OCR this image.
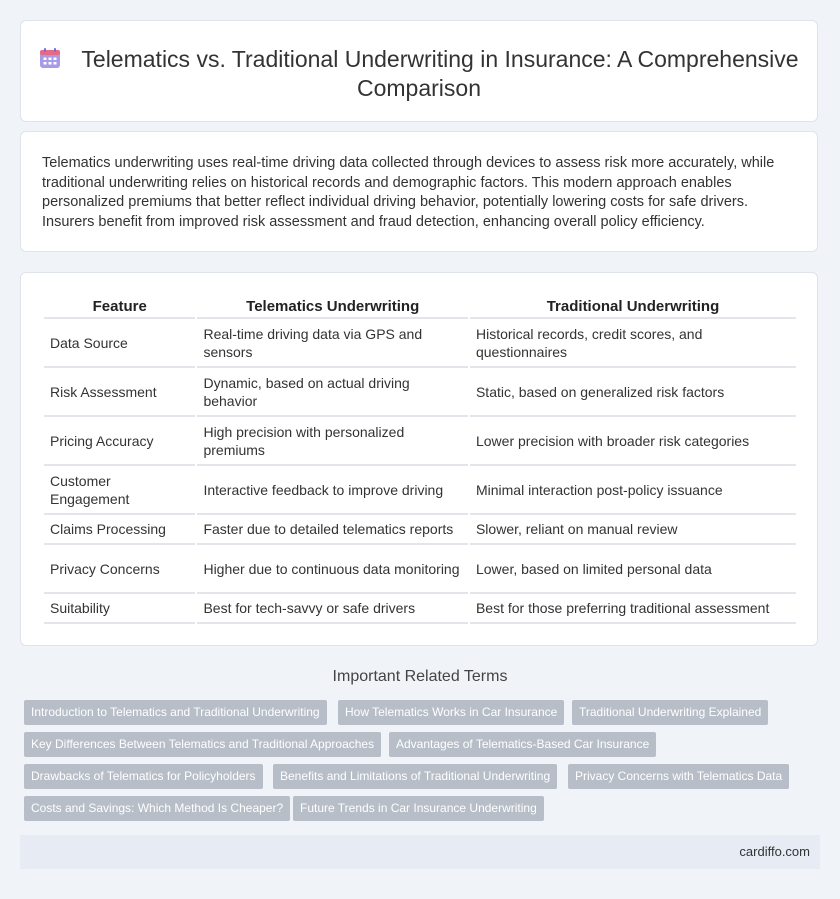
Telematics vs. Traditional Underwriting in Insurance: A Comprehensive Comparison

Telematics underwriting uses real-time driving data collected through devices to assess risk more accurately, while traditional underwriting relies on historical records and demographic factors. This modern approach enables personalized premiums that better reflect individual driving behavior, potentially lowering costs for safe drivers. Insurers benefit from improved risk assessment and fraud detection, enhancing overall policy efficiency.

Feature	Telematics Underwriting	Traditional Underwriting
Data Source	Real-time driving data via GPS and sensors	Historical records, credit scores, and questionnaires
Risk Assessment	Dynamic, based on actual driving behavior	Static, based on generalized risk factors
Pricing Accuracy	High precision with personalized premiums	Lower precision with broader risk categories
Customer Engagement	Interactive feedback to improve driving	Minimal interaction post-policy issuance
Claims Processing	Faster due to detailed telematics reports	Slower, reliant on manual review
Privacy Concerns	Higher due to continuous data monitoring	Lower, based on limited personal data
Suitability	Best for tech-savvy or safe drivers	Best for those preferring traditional assessment
Important Related Terms
Introduction to Telematics and Traditional Underwriting	How Telematics Works in Car Insurance	Traditional Underwriting Explained
Key Differences Between Telematics and Traditional Approaches	Advantages of Telematics-Based Car Insurance
Drawbacks of Telematics for Policyholders	Benefits and Limitations of Traditional Underwriting	Privacy Concerns with Telematics Data
Costs and Savings: Which Method Is Cheaper?	Future Trends in Car Insurance Underwriting
cardiffo.com
